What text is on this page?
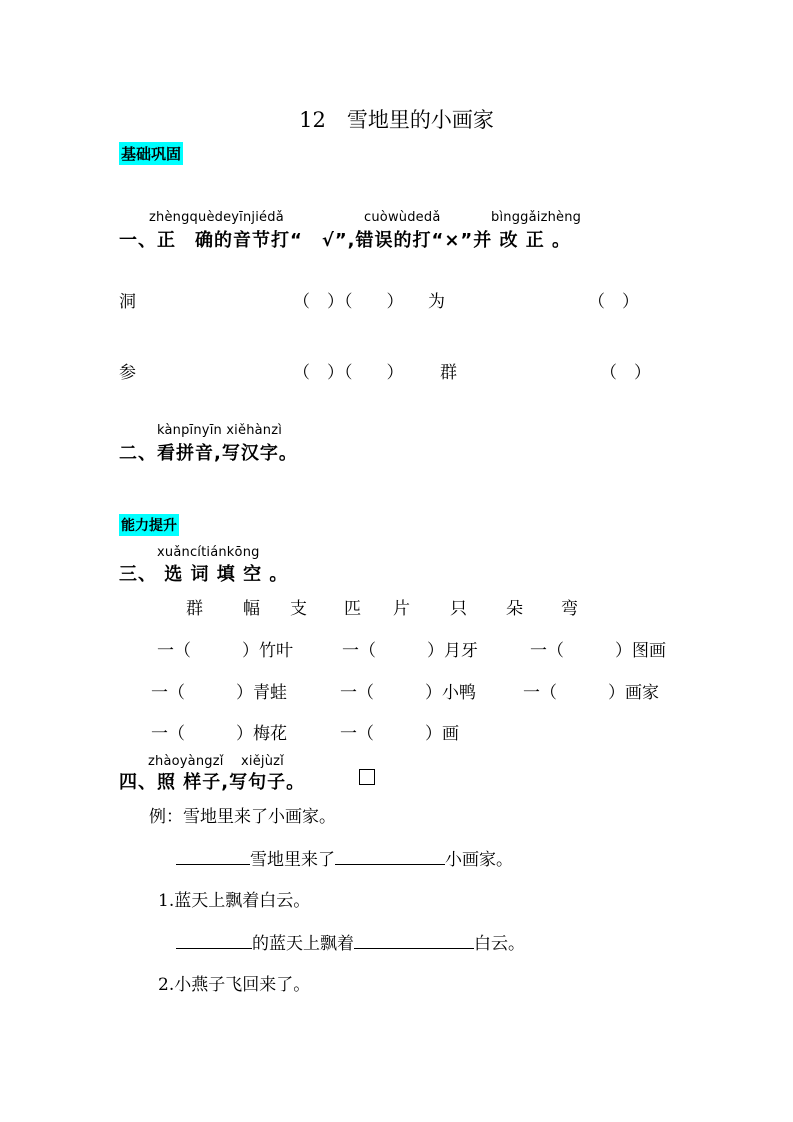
12　雪地里的小画家
基础巩固
zhèngquèdeyīnjiédǎ	cuòwùdedǎ	bìnggǎizhèng
一、正　确的音节打“　√”,错误的打“×”并 改 正 。
洞	（　）（　　） 为	（　）
参	（　）（　　） 群	（　）
kànpīnyīn xiěhànzì
二、看拼音,写汉字。
能力提升
xuǎncítiánkōng
三、 选 词 填 空 。
群 幅 支 匹 片 只 朵 弯
一（　　　）竹叶	一（　　　）月牙	一（　　　）图画
一（　　　）青蛙	一（　　　）小鸭	一（　　　）画家
一（　　　）梅花	一（　　　）画
zhàoyàngzǐ xiějùzǐ
四、照 样子,写句子。
例：雪地里来了小画家。
雪地里来了	小画家。
1.蓝天上飘着白云。
的蓝天上飘着	白云。
2.小燕子飞回来了。
